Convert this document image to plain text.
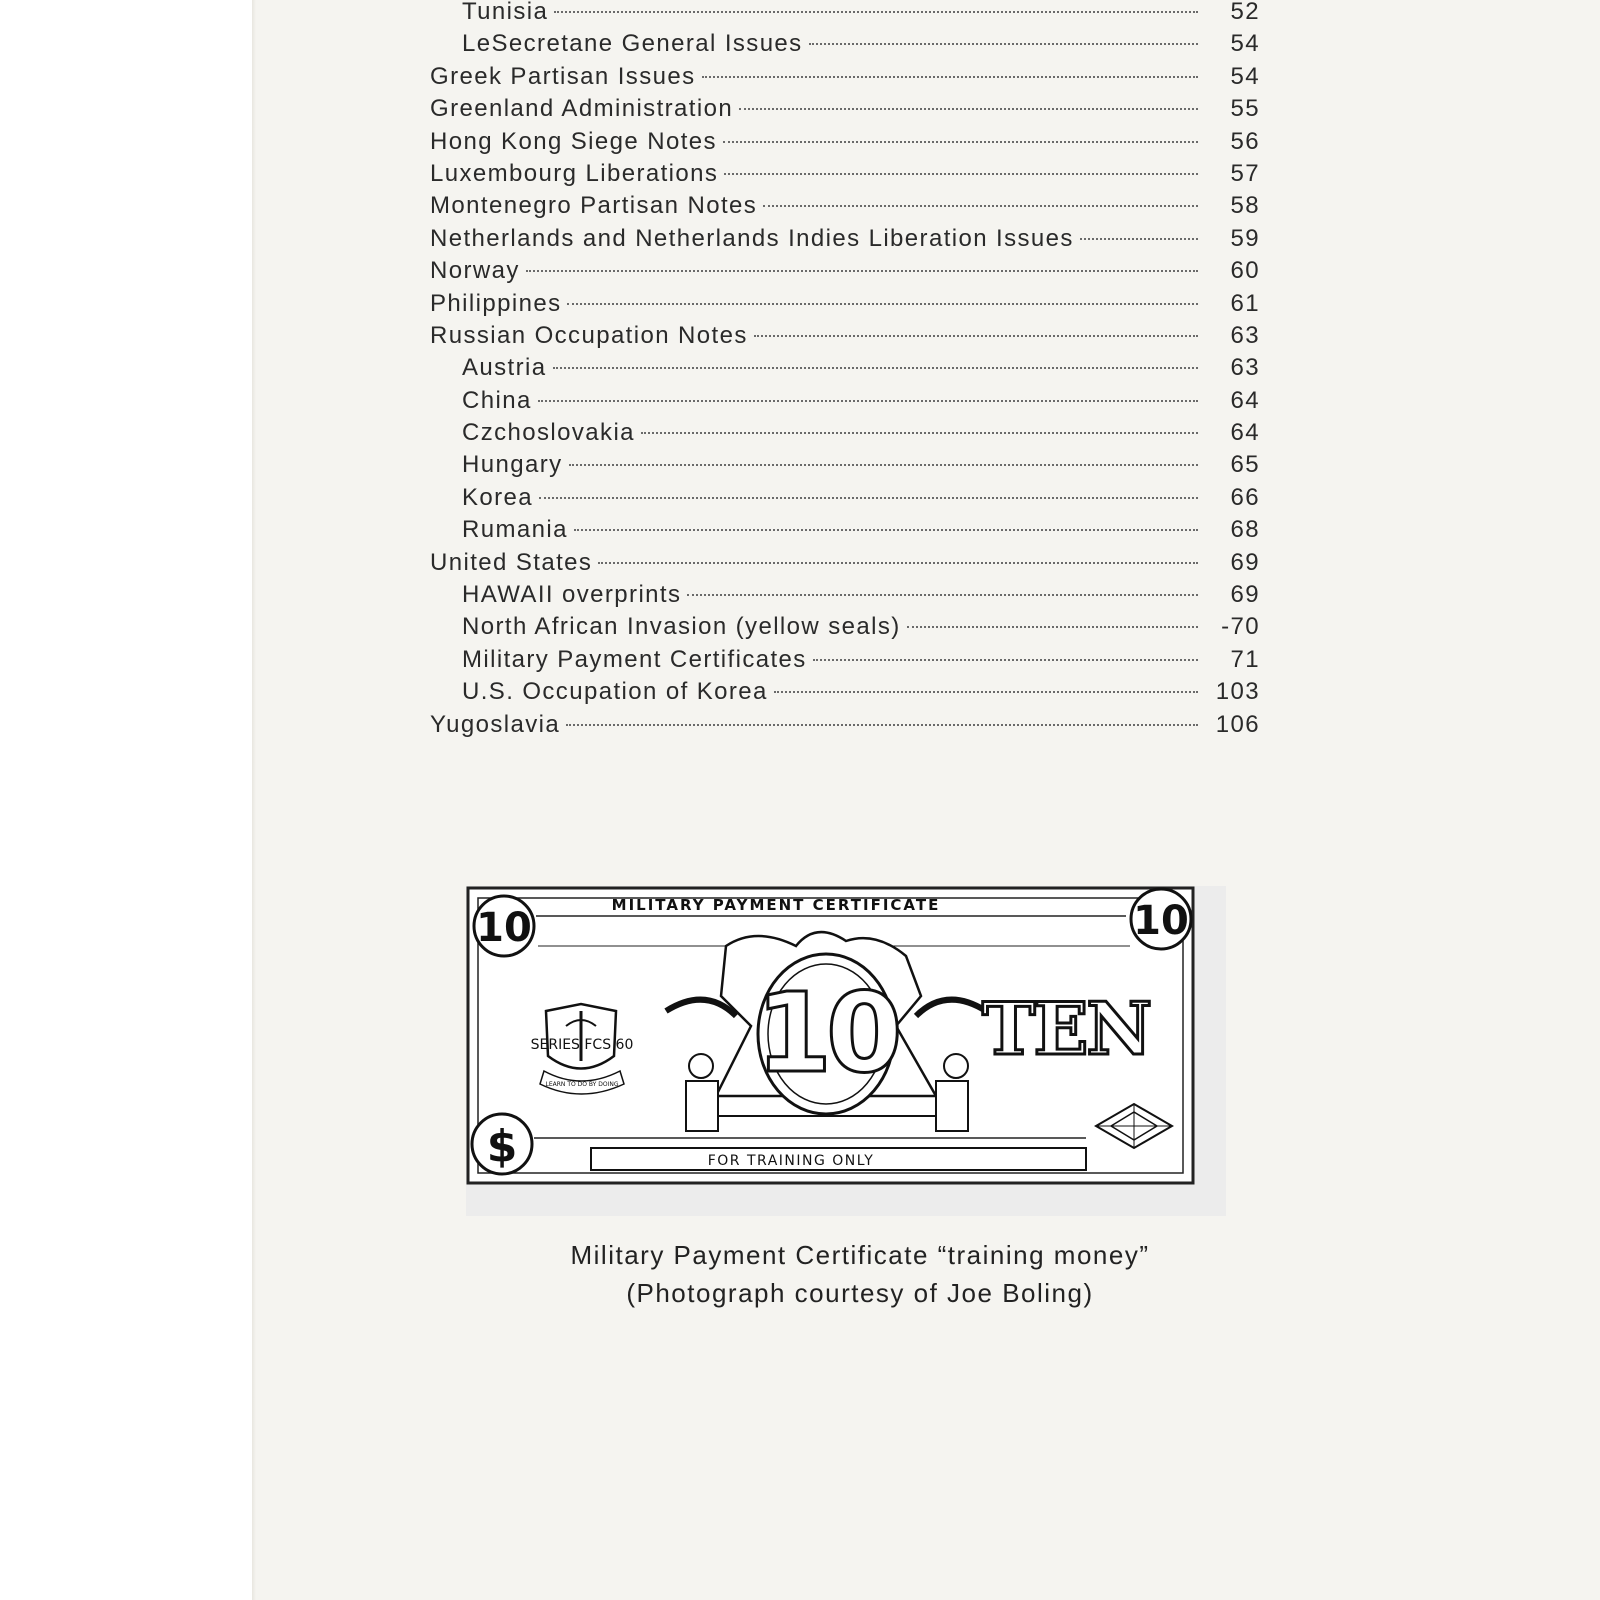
Tunisia	52
LeSecretane General Issues	54
Greek Partisan Issues	54
Greenland Administration	55
Hong Kong Siege Notes	56
Luxembourg Liberations	57
Montenegro Partisan Notes	58
Netherlands and Netherlands Indies Liberation Issues	59
Norway	60
Philippines	61
Russian Occupation Notes	63
Austria	63
China	64
Czchoslovakia	64
Hungary	65
Korea	66
Rumania	68
United States	69
HAWAII overprints	69
North African Invasion (yellow seals)	-70
Military Payment Certificates	71
U.S. Occupation of Korea	103
Yugoslavia	106
MILITARY PAYMENT CERTIFICATE
10	10
SERIES FCS 60
LEARN TO DO BY DOING 10 TEN
$	FOR TRAINING ONLY
Military Payment Certificate “training money”
(Photograph courtesy of Joe Boling)
